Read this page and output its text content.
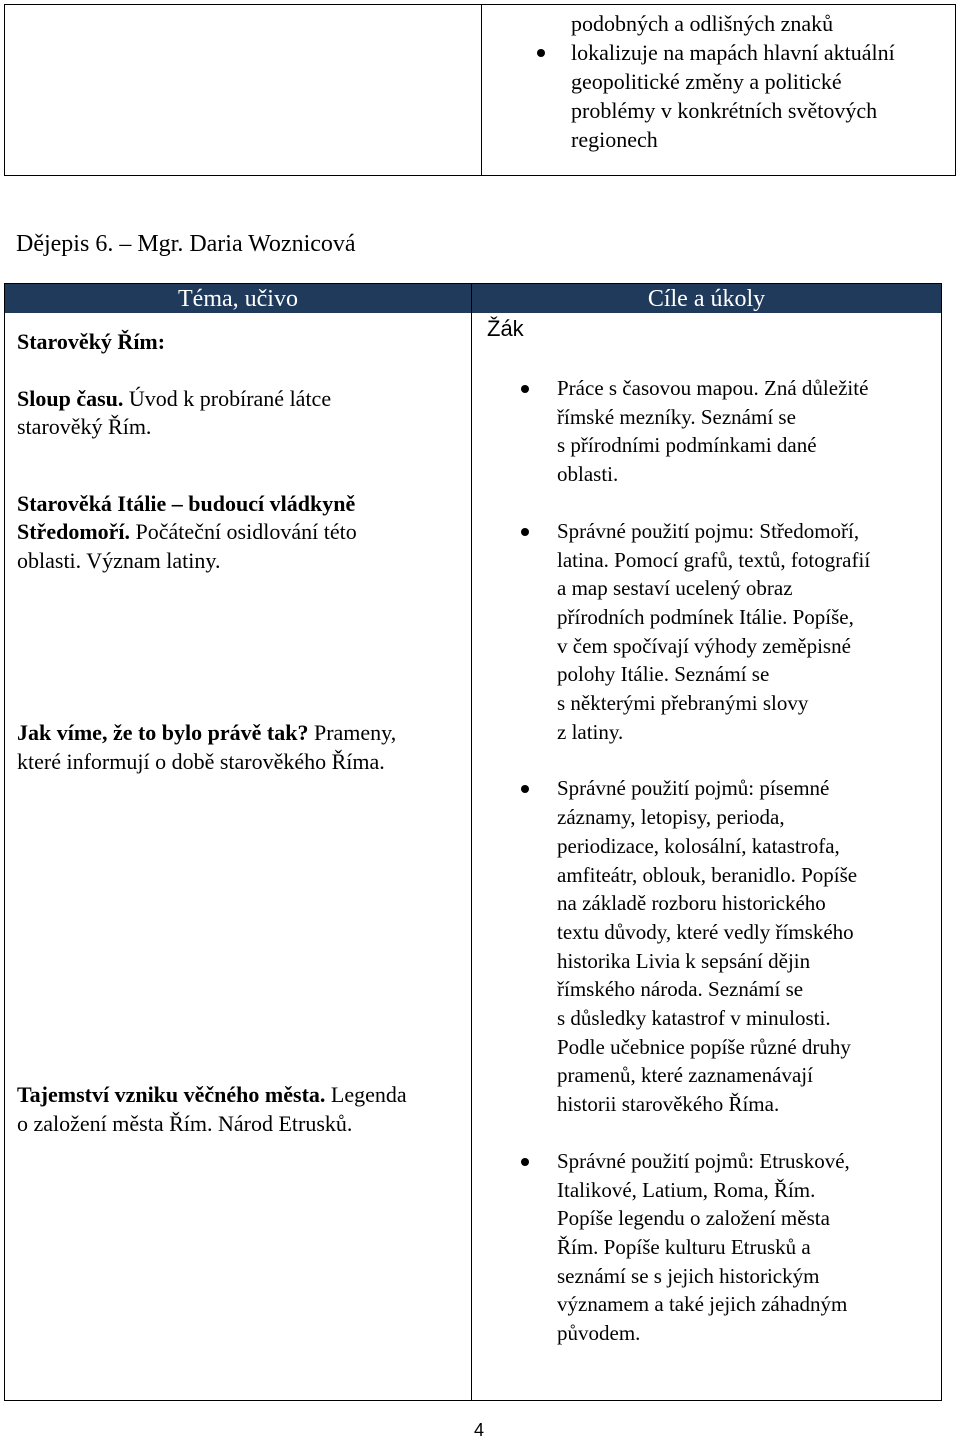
podobných a odlišných znaků

lokalizuje na mapách hlavní aktuální

geopolitické změny a politické

problémy v konkrétních světových

regionech

Dějepis 6. – Mgr. Daria Woznicová
Téma, učivo	Cíle a úkoly

Starověký Řím:

Sloup času. Úvod k probírané látce
starověký Řím.

Starověká Itálie – budoucí vládkyně
Středomoří. Počáteční osidlování této
oblasti. Význam latiny.

Jak víme, že to bylo právě tak? Prameny,
které informují o době starověkého Říma.

Tajemství vzniku věčného města. Legenda
o založení města Řím. Národ Etrusků.

Žák

Práce s časovou mapou. Zná důležité
římské mezníky. Seznámí se
s přírodními podmínkami dané
oblasti.

Správné použití pojmu: Středomoří,
latina. Pomocí grafů, textů, fotografií
a map sestaví ucelený obraz
přírodních podmínek Itálie. Popíše,
v čem spočívají výhody zeměpisné
polohy Itálie. Seznámí se
s některými přebranými slovy
z latiny.

Správné použití pojmů: písemné
záznamy, letopisy, perioda,
periodizace, kolosální, katastrofa,
amfiteátr, oblouk, beranidlo. Popíše
na základě rozboru historického
textu důvody, které vedly římského
historika Livia k sepsání dějin
římského národa. Seznámí se
s důsledky katastrof v minulosti.
Podle učebnice popíše různé druhy
pramenů, které zaznamenávají
historii starověkého Říma.

Správné použití pojmů: Etruskové,
Italikové, Latium, Roma, Řím.
Popíše legendu o založení města
Řím. Popíše kulturu Etrusků a
seznámí se s jejich historickým
významem a také jejich záhadným
původem.

4
